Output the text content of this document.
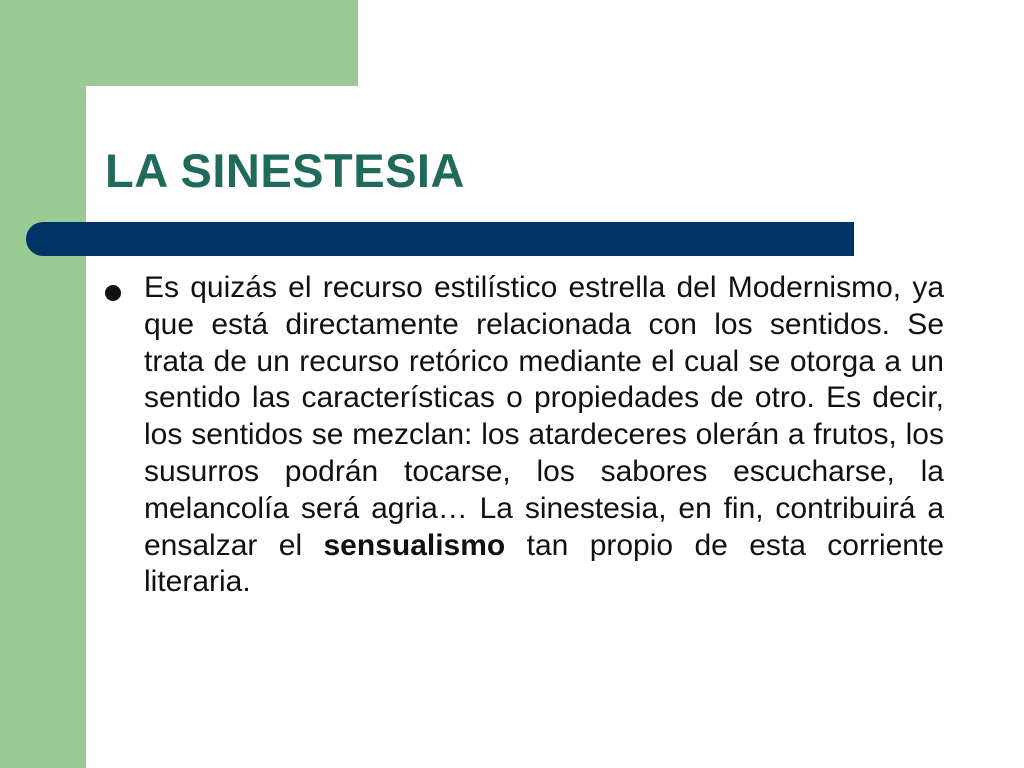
LA SINESTESIA

Es quizás el recurso estilístico estrella del Modernismo, ya que está directamente relacionada con los sentidos. Se trata de un recurso retórico mediante el cual se otorga a un sentido las características o propiedades de otro. Es decir, los sentidos se mezclan: los atardeceres olerán a frutos, los susurros podrán tocarse, los sabores escucharse, la melancolía será agria… La sinestesia, en fin, contribuirá a ensalzar el sensualismo tan propio de esta corriente literaria.
